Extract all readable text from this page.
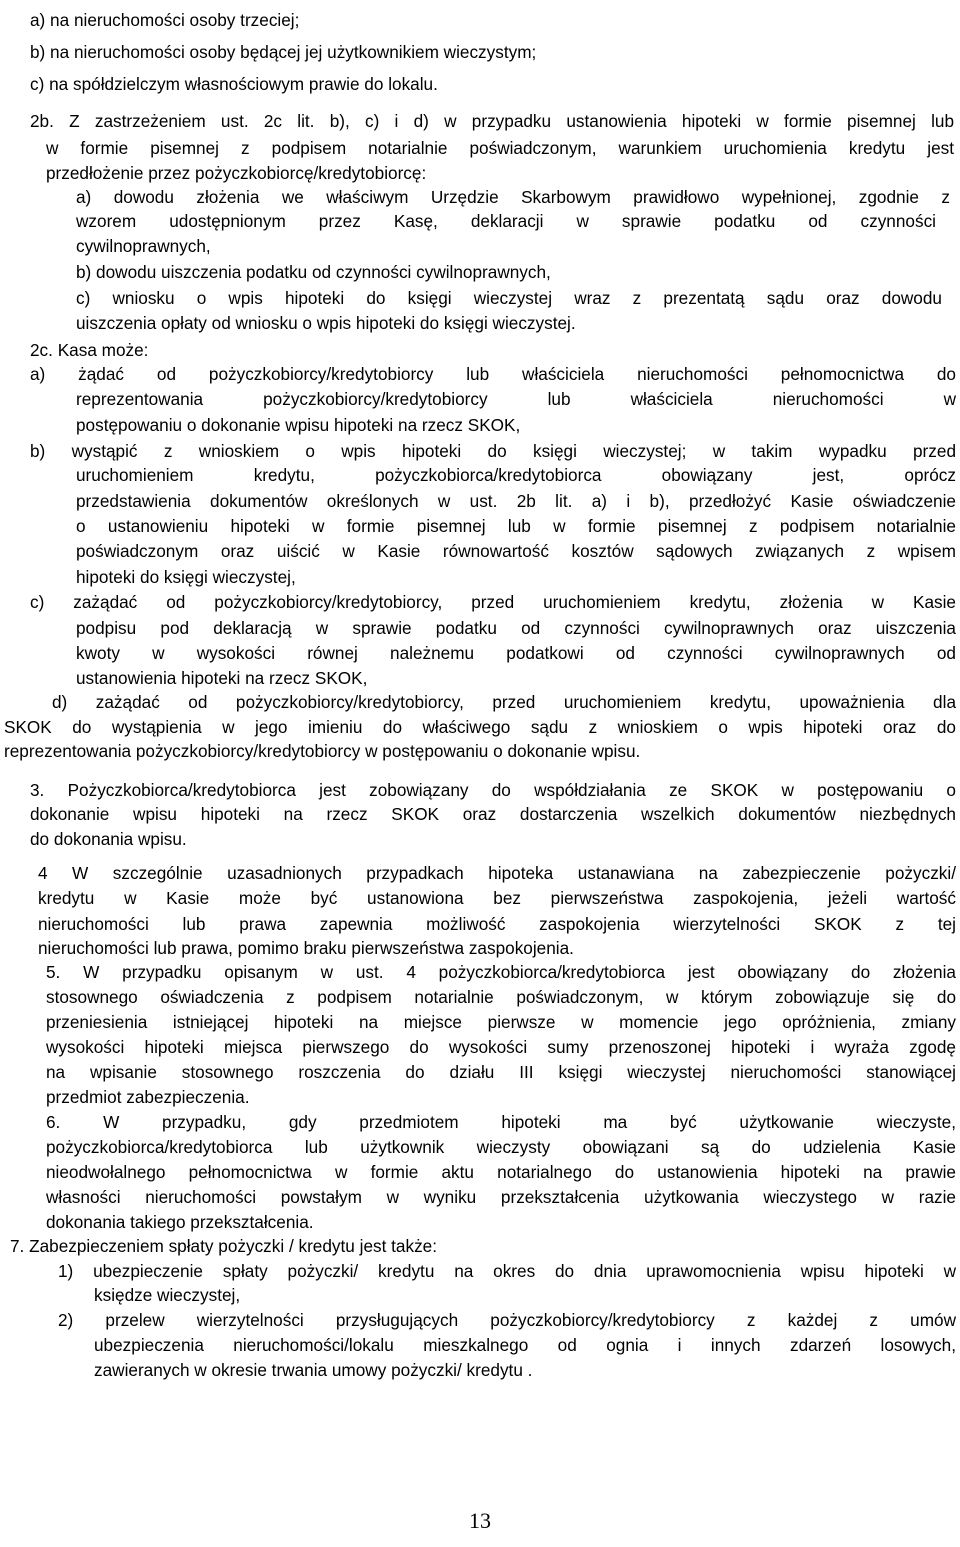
a) na nieruchomości osoby trzeciej;
b) na nieruchomości osoby będącej jej użytkownikiem wieczystym;
c) na spółdzielczym własnościowym prawie do lokalu.
2b. Z zastrzeżeniem ust. 2c lit. b), c) i d) w przypadku ustanowienia hipoteki w formie pisemnej lub
w formie pisemnej z podpisem notarialnie poświadczonym, warunkiem uruchomienia kredytu jest
przedłożenie przez pożyczkobiorcę/kredytobiorcę:
a) dowodu złożenia we właściwym Urzędzie Skarbowym prawidłowo wypełnionej, zgodnie z
wzorem udostępnionym przez Kasę, deklaracji w sprawie podatku od czynności
cywilnoprawnych,
b) dowodu uiszczenia podatku od czynności cywilnoprawnych,
c) wniosku o wpis hipoteki do księgi wieczystej wraz z prezentatą sądu oraz dowodu
uiszczenia opłaty od wniosku o wpis hipoteki do księgi wieczystej.
2c. Kasa może:
a) żądać od pożyczkobiorcy/kredytobiorcy lub właściciela nieruchomości pełnomocnictwa do
reprezentowania pożyczkobiorcy/kredytobiorcy lub właściciela nieruchomości w
postępowaniu o dokonanie wpisu hipoteki na rzecz SKOK,
b) wystąpić z wnioskiem o wpis hipoteki do księgi wieczystej; w takim wypadku przed
uruchomieniem kredytu, pożyczkobiorca/kredytobiorca obowiązany jest, oprócz
przedstawienia dokumentów określonych w ust. 2b lit. a) i b), przedłożyć Kasie oświadczenie
o ustanowieniu hipoteki w formie pisemnej lub w formie pisemnej z podpisem notarialnie
poświadczonym oraz uiścić w Kasie równowartość kosztów sądowych związanych z wpisem
hipoteki do księgi wieczystej,
c) zażądać od pożyczkobiorcy/kredytobiorcy, przed uruchomieniem kredytu, złożenia w Kasie
podpisu pod deklaracją w sprawie podatku od czynności cywilnoprawnych oraz uiszczenia
kwoty w wysokości równej należnemu podatkowi od czynności cywilnoprawnych od
ustanowienia hipoteki na rzecz SKOK,
d) zażądać od pożyczkobiorcy/kredytobiorcy, przed uruchomieniem kredytu, upoważnienia dla
SKOK do wystąpienia w jego imieniu do właściwego sądu z wnioskiem o wpis hipoteki oraz do
reprezentowania pożyczkobiorcy/kredytobiorcy w postępowaniu o dokonanie wpisu.
3. Pożyczkobiorca/kredytobiorca jest zobowiązany do współdziałania ze SKOK w postępowaniu o
dokonanie wpisu hipoteki na rzecz SKOK oraz dostarczenia wszelkich dokumentów niezbędnych
do dokonania wpisu.
4 W szczególnie uzasadnionych przypadkach hipoteka ustanawiana na zabezpieczenie pożyczki/
kredytu w Kasie może być ustanowiona bez pierwszeństwa zaspokojenia, jeżeli wartość
nieruchomości lub prawa zapewnia możliwość zaspokojenia wierzytelności SKOK z tej
nieruchomości lub prawa, pomimo braku pierwszeństwa zaspokojenia.
5. W przypadku opisanym w ust. 4 pożyczkobiorca/kredytobiorca jest obowiązany do złożenia
stosownego oświadczenia z podpisem notarialnie poświadczonym, w którym zobowiązuje się do
przeniesienia istniejącej hipoteki na miejsce pierwsze w momencie jego opróżnienia, zmiany
wysokości hipoteki miejsca pierwszego do wysokości sumy przenoszonej hipoteki i wyraża zgodę
na wpisanie stosownego roszczenia do działu III księgi wieczystej nieruchomości stanowiącej
przedmiot zabezpieczenia.
6. W przypadku, gdy przedmiotem hipoteki ma być użytkowanie wieczyste,
pożyczkobiorca/kredytobiorca lub użytkownik wieczysty obowiązani są do udzielenia Kasie
nieodwołalnego pełnomocnictwa w formie aktu notarialnego do ustanowienia hipoteki na prawie
własności nieruchomości powstałym w wyniku przekształcenia użytkowania wieczystego w razie
dokonania takiego przekształcenia.
7. Zabezpieczeniem spłaty pożyczki / kredytu jest także:
1) ubezpieczenie spłaty pożyczki/ kredytu na okres do dnia uprawomocnienia wpisu hipoteki w
księdze wieczystej,
2) przelew wierzytelności przysługujących pożyczkobiorcy/kredytobiorcy z każdej z umów
ubezpieczenia nieruchomości/lokalu mieszkalnego od ognia i innych zdarzeń losowych,
zawieranych w okresie trwania umowy pożyczki/ kredytu .
13
